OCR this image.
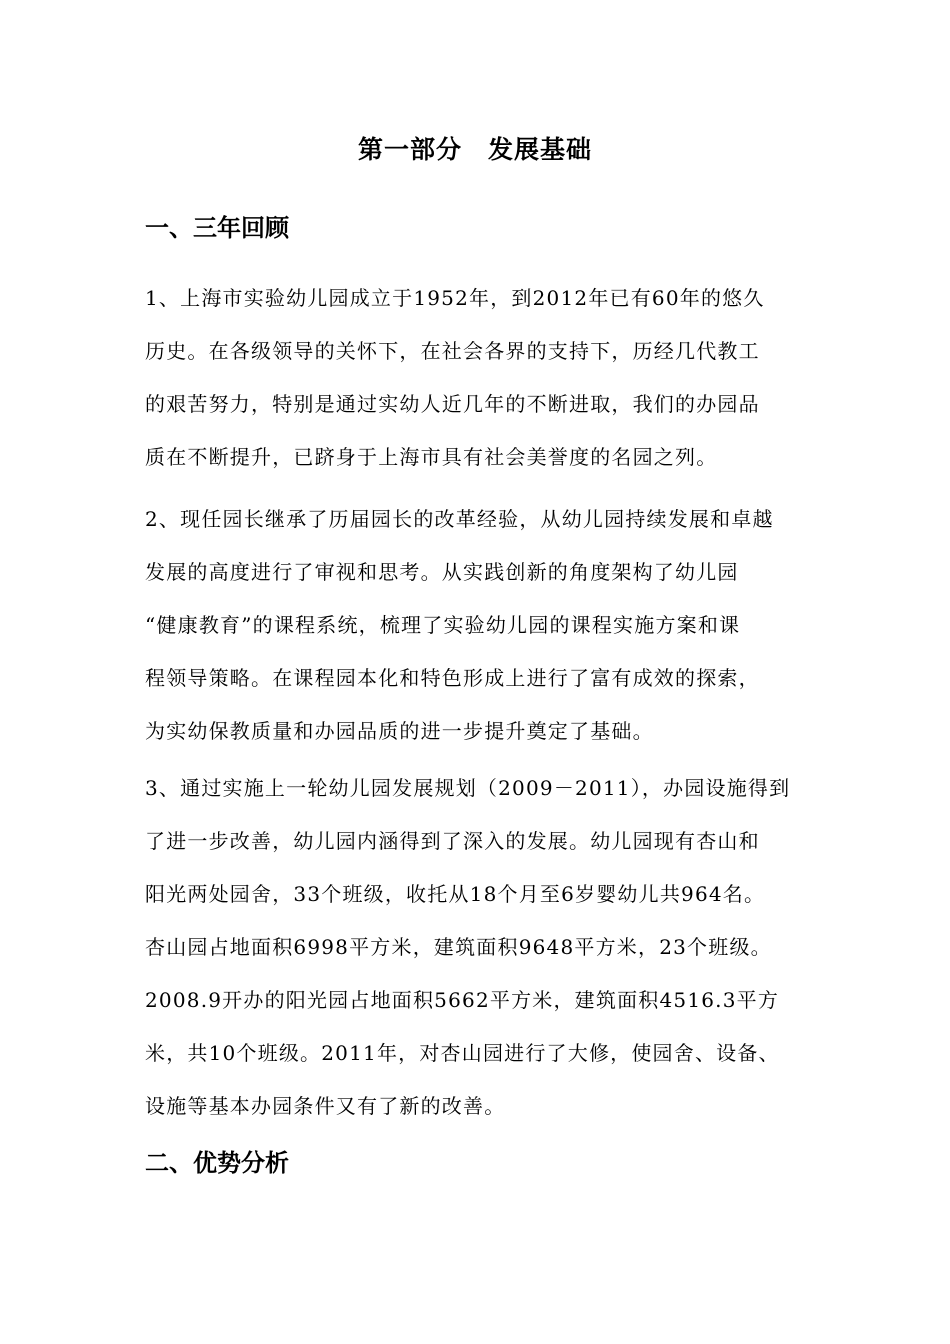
第一部分　发展基础
一、三年回顾

1、上海市实验幼儿园成立于1952年，到2012年已有60年的悠久
历史。在各级领导的关怀下，在社会各界的支持下，历经几代教工
的艰苦努力，特别是通过实幼人近几年的不断进取，我们的办园品
质在不断提升，已跻身于上海市具有社会美誉度的名园之列。

2、现任园长继承了历届园长的改革经验，从幼儿园持续发展和卓越
发展的高度进行了审视和思考。从实践创新的角度架构了幼儿园
“健康教育”的课程系统，梳理了实验幼儿园的课程实施方案和课
程领导策略。在课程园本化和特色形成上进行了富有成效的探索，
为实幼保教质量和办园品质的进一步提升奠定了基础。

3、通过实施上一轮幼儿园发展规划（2009－2011），办园设施得到
了进一步改善，幼儿园内涵得到了深入的发展。幼儿园现有杏山和
阳光两处园舍，33个班级，收托从18个月至6岁婴幼儿共964名。
杏山园占地面积6998平方米，建筑面积9648平方米，23个班级。
2008.9开办的阳光园占地面积5662平方米，建筑面积4516.3平方
米，共10个班级。2011年，对杏山园进行了大修，使园舍、设备、
设施等基本办园条件又有了新的改善。

二、优势分析
